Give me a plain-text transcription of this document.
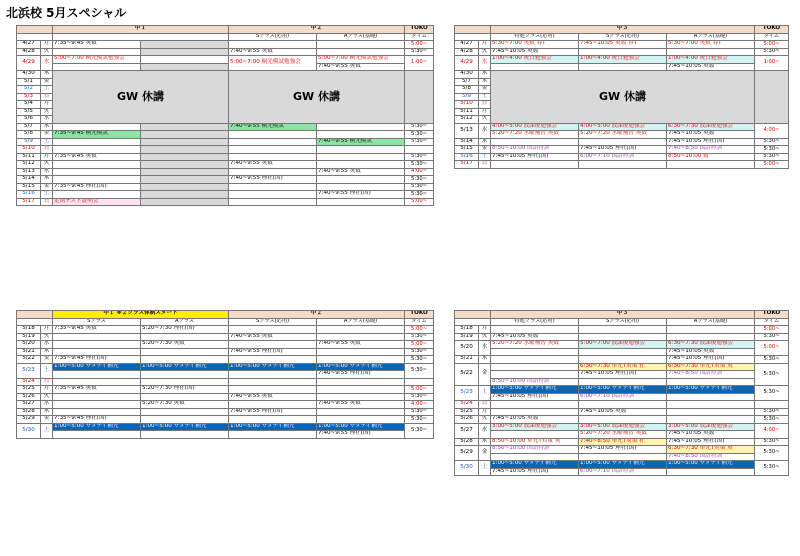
北浜校 5月スペシャル
		中１		中２		TOKO
				Sクラス(応用)	Aクラス(基礎)	タイム
4/27	月	7:35~9:45 英数				5:00~
4/28	火			7:40~9:55 英数		5:30~
4/29	水	5:00~7:00 桐光模試勉強会		5:00~7:00 桐光模試勉強会	5:00~7:00 桐光模試勉強会	1:00~
					7:40~9:55 英数	
4/30	木	GW 休講		GW 休講		
5/1	金					
5/2	土					
5/3	日					
5/4	月					
5/5	火					
5/6	水					
5/7	木			7:40~9:55 桐光模試		5:30~
5/8	金	7:35~9:45 桐光模試				5:30~
5/9	土				7:40~9:55 桐光模試	5:30~
5/10	日					
5/11	月	7:35~9:45 英数				5:30~
5/12	火			7:40~9:55 英数		5:30~
5/13	水				7:40~9:55 英数	4:00~
5/14	木			7:40~9:55 理社(国)		5:30~
5/15	金	7:35~9:45 理社(国)				5:30~
5/16	土				7:40~9:55 理社(国)	5:30~
5/17	日	定期テスト説明会				5:00~
		中１ ※２クラス体制スタート		中２		TOKO
		Sクラス	Aクラス	Sクラス(応用)	Aクラス(基礎)	タイム
5/18	月	7:35~9:45 英数	5:20~7:30 理社(国)			5:00~
5/19	火			7:40~9:55 英数		5:30~
5/20	水		5:20~7:30 英数		7:40~9:55 英数	5:00~
5/21	木			7:40~9:55 理社(国)		5:30~
5/22	金	7:35~9:45 理社(国)				5:30~
5/23	土	1:00~5:00 サタデイ桐光	1:00~5:00 サタデイ桐光	1:00~5:00 サタデイ桐光	1:00~5:00 サタデイ桐光	5:30~
					7:40~9:55 理社(国)	
5/24	日					
5/25	月	7:35~9:45 英数	5:20~7:30 理社(国)			5:00~
5/26	火			7:40~9:55 英数		5:30~
5/27	水		5:20~7:30 英数		7:40~9:55 英数	4:00~
5/28	木			7:40~9:55 理社(国)		5:30~
5/29	金	7:35~9:45 理社(国)				5:30~
5/30	土	1:00~5:00 サタデイ桐光	1:00~5:00 サタデイ桐光	1:00~5:00 サタデイ桐光	1:00~5:00 サタデイ桐光	5:30~
					7:40~9:55 理社(国)	
		中３			TOKO	
		特進クラス(応用)	Sクラス(応用)	Aクラス(基礎)	タイム	
4/27	月	5:30~7:00 英数 春T	7:45~10:05 英数 春T	5:30~7:00 英数 春T	5:00~	
4/28	火	7:45~10:05 英数			5:30~	
4/29	水	1:00~4:00 祝日勉強会	1:00~4:00 祝日勉強会	1:00~4:00 祝日勉強会	1:00~	
				7:45~10:05 英数		
4/30	木	GW 休講				
5/7	木				
5/8	金				
5/9	土				
5/10	日					
5/11	月				
5/12	火				
5/13	水	4:00~5:00 放課後勉強会	4:00~5:00 放課後勉強会	6:30~7:30 放課後勉強会	4:00~	
		5:20~7:20 水曜補習 英数	5:20~7:20 水曜補習 英数	7:45~10:05 英数		
5/14	木			7:45~10:05 理社(国)	5:30~	
5/15	金	8:50~10:00 国語特訓	7:45~10:05 理社(国)	7:40~8:50 国語特訓	5:30~	
5/16	土	7:45~10:05 理社(国)	6:00~7:10 国語特訓	8:50~10:00 数	5:30~	
5/17	日				5:00~	
		中３			TOKO
		特進クラス(応用)	Sクラス(応用)	Aクラス(基礎)	タイム
5/18	月				5:00~
5/19	火	7:45~10:05 英数			5:30~
5/20	水	5:20~7:20 水曜補習 英数	5:00~7:00 放課後勉強会	6:30~7:30 放課後勉強会	5:00~
				7:45~10:05 英数	
5/21	木			7:45~10:05 理社(国)	5:30~
5/22	金		6:30~7:30 単元T対策 社	6:30~7:30 単元T対策 英	5:30~
			7:45~10:05 理社(国)	7:40~8:50 国語特訓	
		8:50~10:00 国語特訓			
5/23	土	1:00~5:00 サタデイ桐光	1:00~5:00 サタデイ桐光	1:00~5:00 サタデイ桐光	5:30~
		7:45~10:05 理社(国)	6:00~7:10 国語特訓		
5/24	日				
5/25	月		7:45~10:05 英数		5:30~
5/26	火	7:45~10:05 英数			5:30~
5/27	水	3:00~5:00 放課後勉強会	3:00~5:00 放課後勉強会	3:00~5:00 放課後勉強会	4:00~
			5:20~7:20 水曜補習 英数	7:45~10:05 英数	
5/28	木	8:50~10:00 単元T対策 英	7:40~8:50 単元T対策 社	7:45~10:05 理社(国)	5:30~
5/29	金	8:50~10:00 国語特訓	7:45~10:05 理社(国)	6:30~7:30 単元T対策 英	5:30~
				7:40~8:50 国語特訓	
5/30	土	1:00~5:00 サタデイ桐光	1:00~5:00 サタデイ桐光	1:00~5:00 サタデイ桐光	5:30~
		7:45~10:05 理社(国)	6:00~7:10 国語特訓		
